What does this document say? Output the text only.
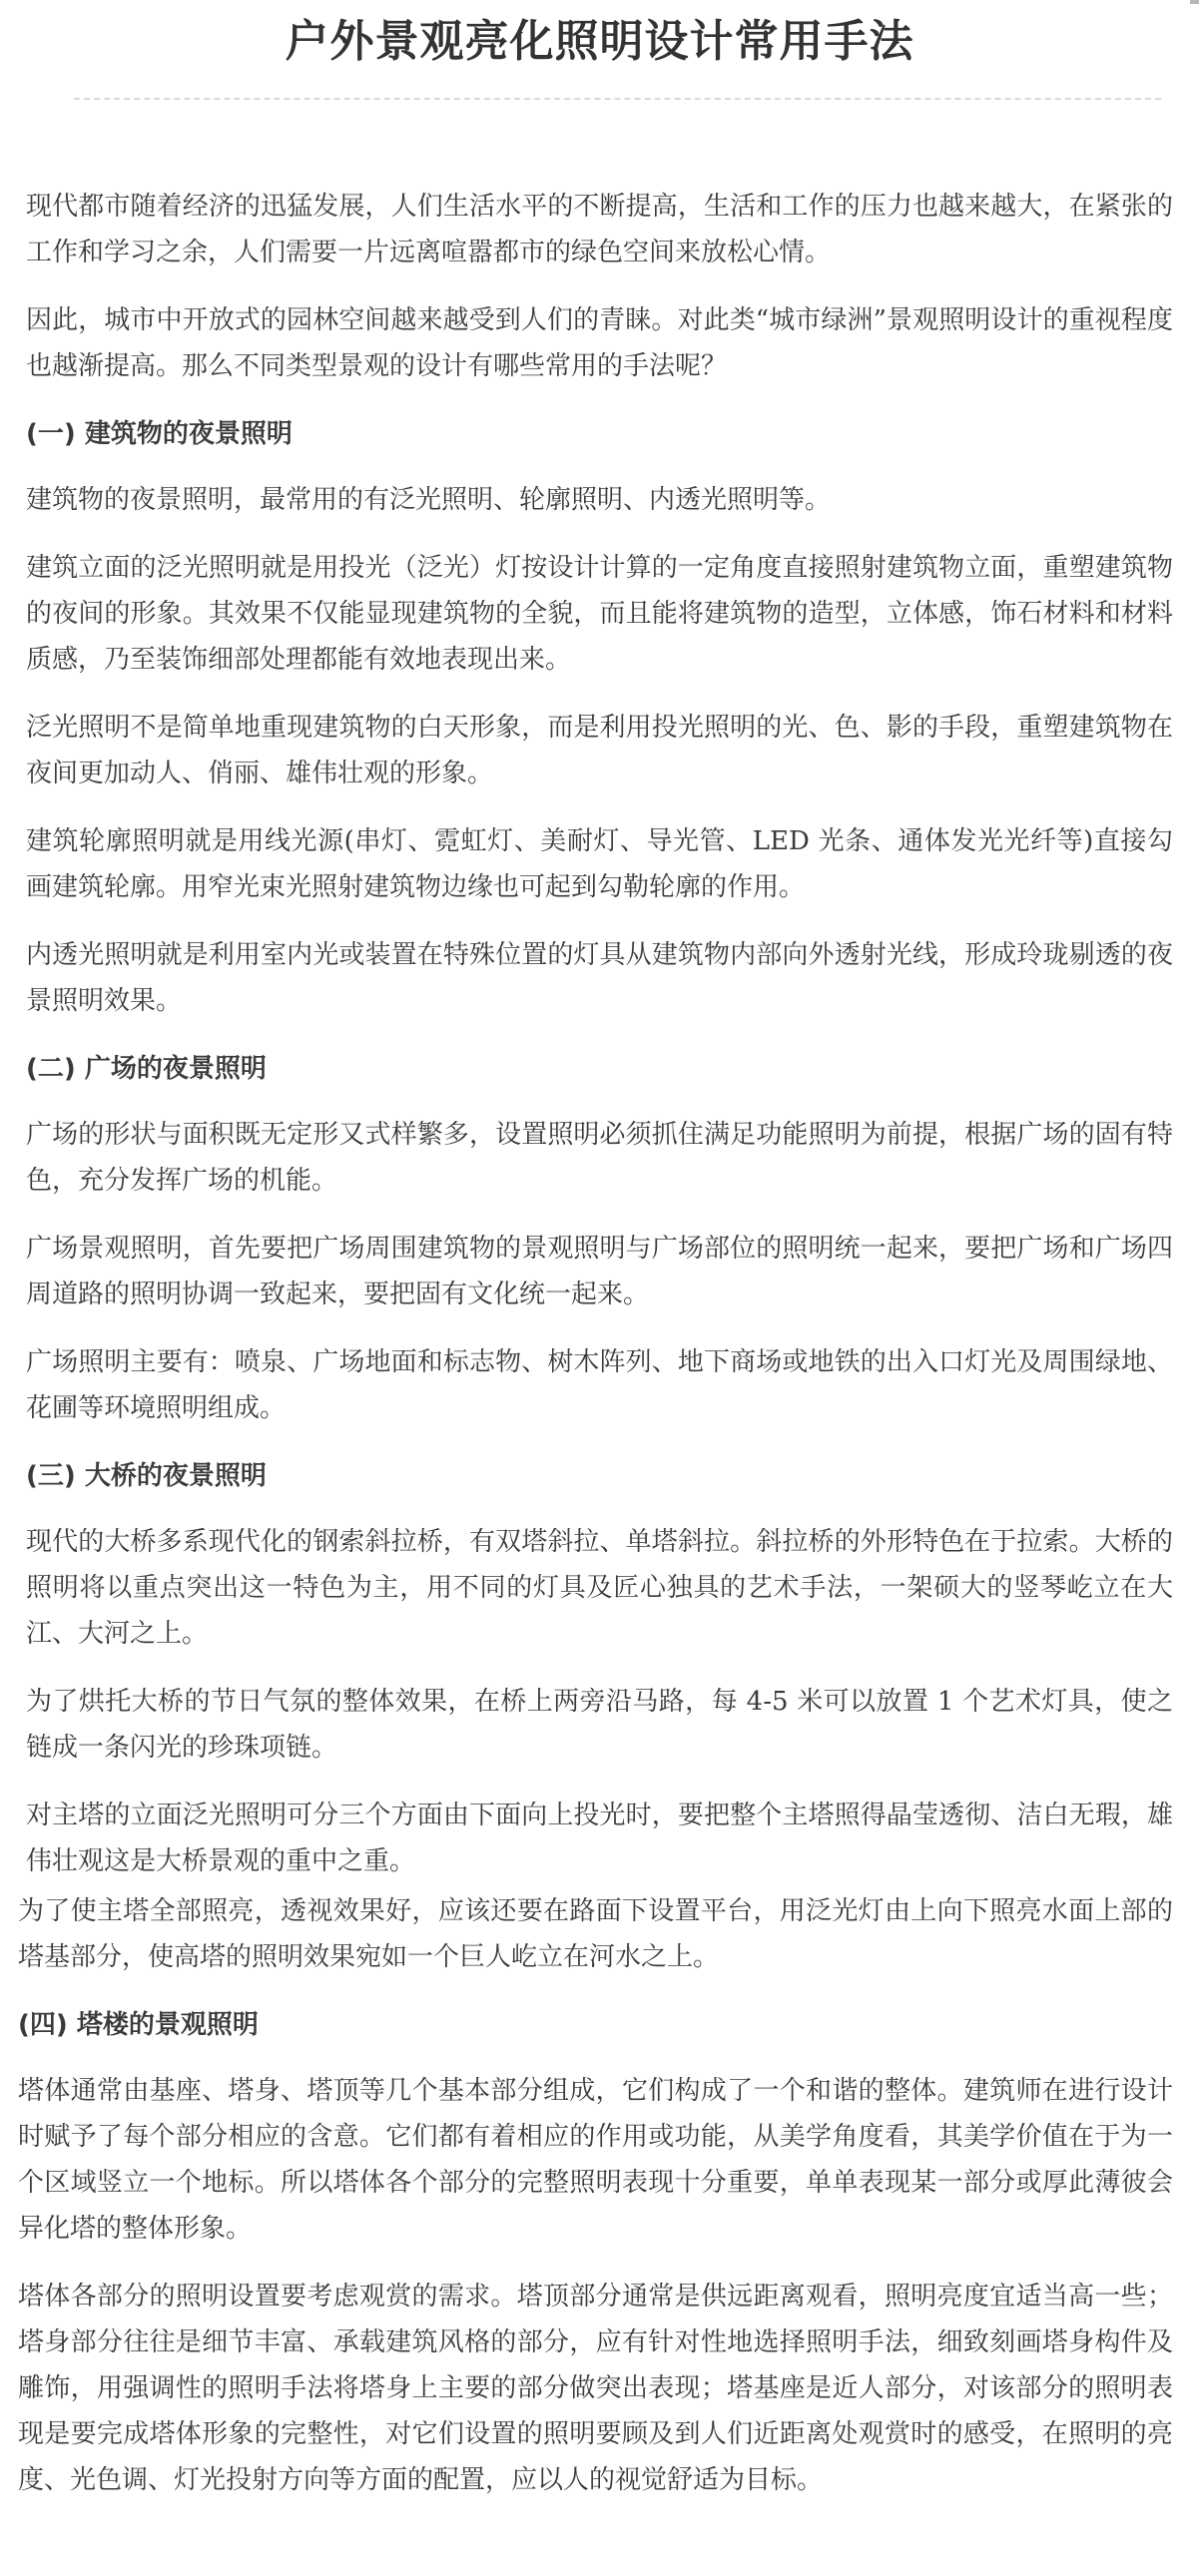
户外景观亮化照明设计常用手法

现代都市随着经济的迅猛发展，人们生活水平的不断提高，生活和工作的压力也越来越大，在紧张的工作和学习之余，人们需要一片远离喧嚣都市的绿色空间来放松心情。

因此，城市中开放式的园林空间越来越受到人们的青睐。对此类“城市绿洲”景观照明设计的重视程度也越渐提高。那么不同类型景观的设计有哪些常用的手法呢？

(一) 建筑物的夜景照明

建筑物的夜景照明，最常用的有泛光照明、轮廓照明、内透光照明等。

建筑立面的泛光照明就是用投光（泛光）灯按设计计算的一定角度直接照射建筑物立面，重塑建筑物的夜间的形象。其效果不仅能显现建筑物的全貌，而且能将建筑物的造型，立体感，饰石材料和材料质感，乃至装饰细部处理都能有效地表现出来。

泛光照明不是简单地重现建筑物的白天形象，而是利用投光照明的光、色、影的手段，重塑建筑物在夜间更加动人、俏丽、雄伟壮观的形象。

建筑轮廓照明就是用线光源(串灯、霓虹灯、美耐灯、导光管、LED 光条、通体发光光纤等)直接勾画建筑轮廓。用窄光束光照射建筑物边缘也可起到勾勒轮廓的作用。

内透光照明就是利用室内光或装置在特殊位置的灯具从建筑物内部向外透射光线，形成玲珑剔透的夜景照明效果。

(二) 广场的夜景照明

广场的形状与面积既无定形又式样繁多，设置照明必须抓住满足功能照明为前提，根据广场的固有特色，充分发挥广场的机能。

广场景观照明，首先要把广场周围建筑物的景观照明与广场部位的照明统一起来，要把广场和广场四周道路的照明协调一致起来，要把固有文化统一起来。

广场照明主要有：喷泉、广场地面和标志物、树木阵列、地下商场或地铁的出入口灯光及周围绿地、花圃等环境照明组成。

(三) 大桥的夜景照明

现代的大桥多系现代化的钢索斜拉桥，有双塔斜拉、单塔斜拉。斜拉桥的外形特色在于拉索。大桥的照明将以重点突出这一特色为主，用不同的灯具及匠心独具的艺术手法，一架硕大的竖琴屹立在大江、大河之上。

为了烘托大桥的节日气氛的整体效果，在桥上两旁沿马路，每 4-5 米可以放置 1 个艺术灯具，使之链成一条闪光的珍珠项链。

对主塔的立面泛光照明可分三个方面由下面向上投光时，要把整个主塔照得晶莹透彻、洁白无瑕，雄伟壮观这是大桥景观的重中之重。

为了使主塔全部照亮，透视效果好，应该还要在路面下设置平台，用泛光灯由上向下照亮水面上部的塔基部分，使高塔的照明效果宛如一个巨人屹立在河水之上。

(四) 塔楼的景观照明

塔体通常由基座、塔身、塔顶等几个基本部分组成，它们构成了一个和谐的整体。建筑师在进行设计时赋予了每个部分相应的含意。它们都有着相应的作用或功能，从美学角度看，其美学价值在于为一个区域竖立一个地标。所以塔体各个部分的完整照明表现十分重要，单单表现某一部分或厚此薄彼会异化塔的整体形象。

塔体各部分的照明设置要考虑观赏的需求。塔顶部分通常是供远距离观看，照明亮度宜适当高一些；塔身部分往往是细节丰富、承载建筑风格的部分，应有针对性地选择照明手法，细致刻画塔身构件及雕饰，用强调性的照明手法将塔身上主要的部分做突出表现；塔基座是近人部分，对该部分的照明表现是要完成塔体形象的完整性，对它们设置的照明要顾及到人们近距离处观赏时的感受，在照明的亮度、光色调、灯光投射方向等方面的配置，应以人的视觉舒适为目标。
